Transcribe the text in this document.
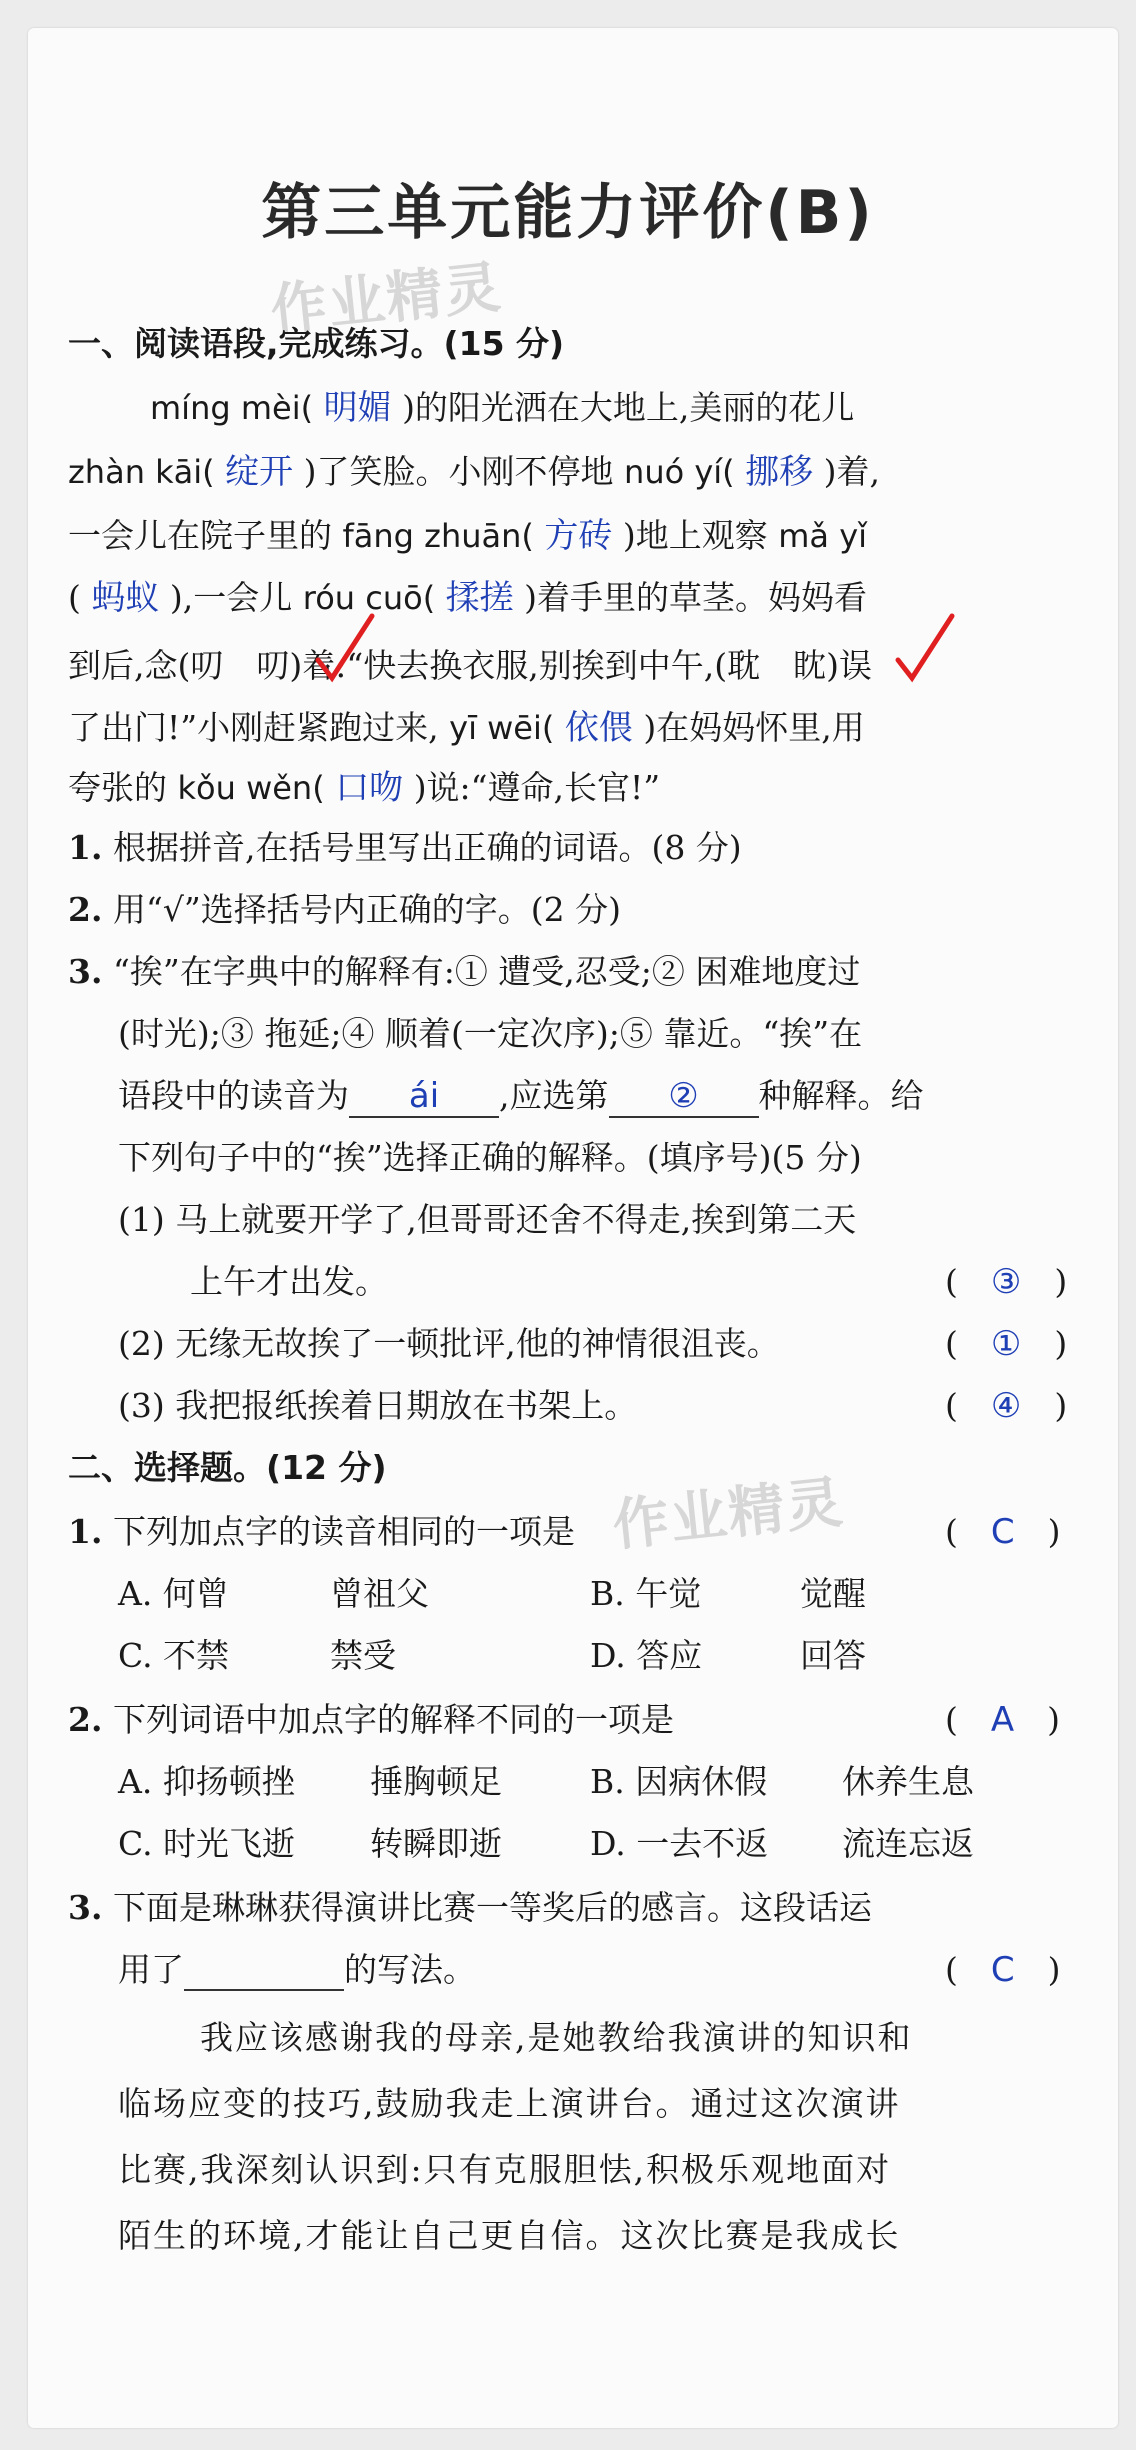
第三单元能力评价(B)
作业精灵
作业精灵
一、阅读语段,完成练习。(15 分)
míng mèi( 明媚 )的阳光洒在大地上,美丽的花儿
zhàn kāi( 绽开 )了笑脸。小刚不停地 nuó yí( 挪移 )着,
一会儿在院子里的 fāng zhuān( 方砖 )地上观察 mǎ yǐ
( 蚂蚁 ),一会儿 róu cuō( 揉搓 )着手里的草茎。妈妈看
到后,念(叨　叨)着:“快去换衣服,别挨到中午,(耽　眈)误
了出门!”小刚赶紧跑过来, yī wēi( 依偎 )在妈妈怀里,用
夸张的 kǒu wěn( 口吻 )说:“遵命,长官!”
1. 根据拼音,在括号里写出正确的词语。(8 分)
2. 用“√”选择括号内正确的字。(2 分)
3. “挨”在字典中的解释有:① 遭受,忍受;② 困难地度过
(时光);③ 拖延;④ 顺着(一定次序);⑤ 靠近。“挨”在
语段中的读音为 ái ,应选第 ② 种解释。给
下列句子中的“挨”选择正确的解释。(填序号)(5 分)
(1) 马上就要开学了,但哥哥还舍不得走,挨到第二天
上午才出发。	(　③　)
(2) 无缘无故挨了一顿批评,他的神情很沮丧。	(　①　)
(3) 我把报纸挨着日期放在书架上。	(　④　)
二、选择题。(12 分)
1. 下列加点字的读音相同的一项是	(　C　)
A. 何曾	曾祖父	B. 午觉	觉醒
C. 不禁	禁受	D. 答应	回答
2. 下列词语中加点字的解释不同的一项是	(　A　)
A. 抑扬顿挫 捶胸顿足	B. 因病休假 休养生息
C. 时光飞逝 转瞬即逝	D. 一去不返 流连忘返
3. 下面是琳琳获得演讲比赛一等奖后的感言。这段话运
用了	的写法。	(　C　)
我应该感谢我的母亲,是她教给我演讲的知识和
临场应变的技巧,鼓励我走上演讲台。通过这次演讲
比赛,我深刻认识到:只有克服胆怯,积极乐观地面对
陌生的环境,才能让自己更自信。这次比赛是我成长
